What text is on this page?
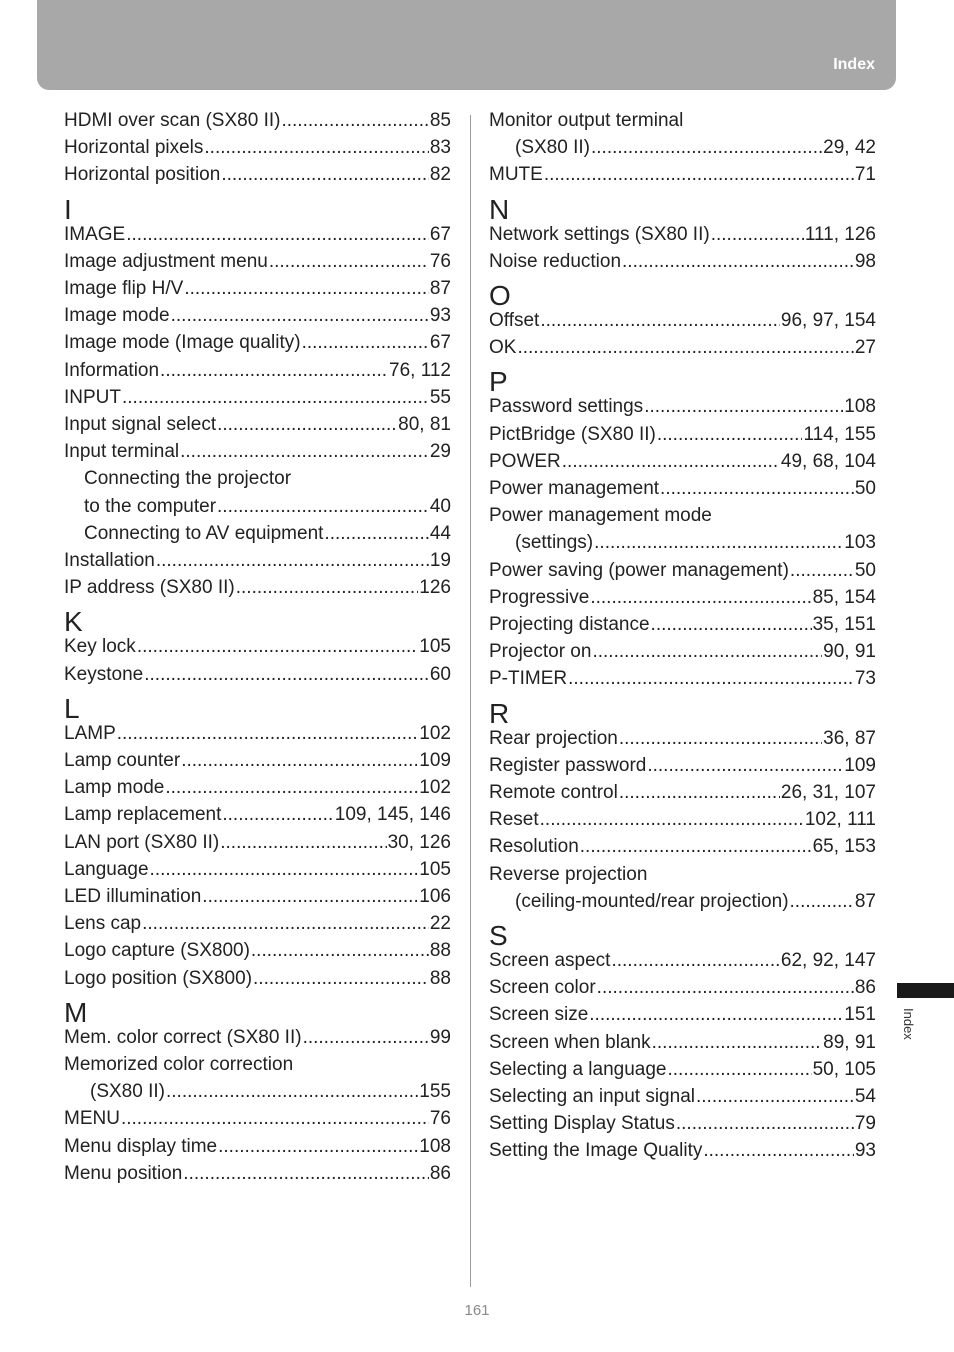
Index
HDMI over scan (SX80 II) .....	85
Horizontal pixels .....	83
Horizontal position .....	82
I
IMAGE .....	67
Image adjustment menu .....	76
Image flip H/V .....	87
Image mode .....	93
Image mode (Image quality) .....	67
Information .....	76, 112
INPUT .....	55
Input signal select .....	80, 81
Input terminal .....	29
Connecting the projector
to the computer .....	40
Connecting to AV equipment .....	44
Installation .....	19
IP address (SX80 II) .....	126
K
Key lock .....	105
Keystone .....	60
L
LAMP .....	102
Lamp counter .....	109
Lamp mode .....	102
Lamp replacement .....	109, 145, 146
LAN port (SX80 II) .....	30, 126
Language .....	105
LED illumination .....	106
Lens cap .....	22
Logo capture (SX800) .....	88
Logo position (SX800) .....	88
M
Mem. color correct (SX80 II) .....	99
Memorized color correction
(SX80 II) .....	155
MENU .....	76
Menu display time .....	108
Menu position .....	86
Monitor output terminal
(SX80 II) .....	29, 42
MUTE .....	71
N
Network settings (SX80 II) .....	111, 126
Noise reduction .....	98
O
Offset .....	96, 97, 154
OK .....	27
P
Password settings .....	108
PictBridge (SX80 II) .....	114, 155
POWER .....	49, 68, 104
Power management .....	50
Power management mode
(settings) .....	103
Power saving (power management) .....	50
Progressive .....	85, 154
Projecting distance .....	35, 151
Projector on .....	90, 91
P-TIMER .....	73
R
Rear projection .....	36, 87
Register password .....	109
Remote control .....	26, 31, 107
Reset .....	102, 111
Resolution .....	65, 153
Reverse projection
(ceiling-mounted/rear projection) .....	87
S
Screen aspect .....	62, 92, 147
Screen color .....	86
Screen size .....	151
Screen when blank .....	89, 91
Selecting a language .....	50, 105
Selecting an input signal .....	54
Setting Display Status .....	79
Setting the Image Quality .....	93
Index
161
